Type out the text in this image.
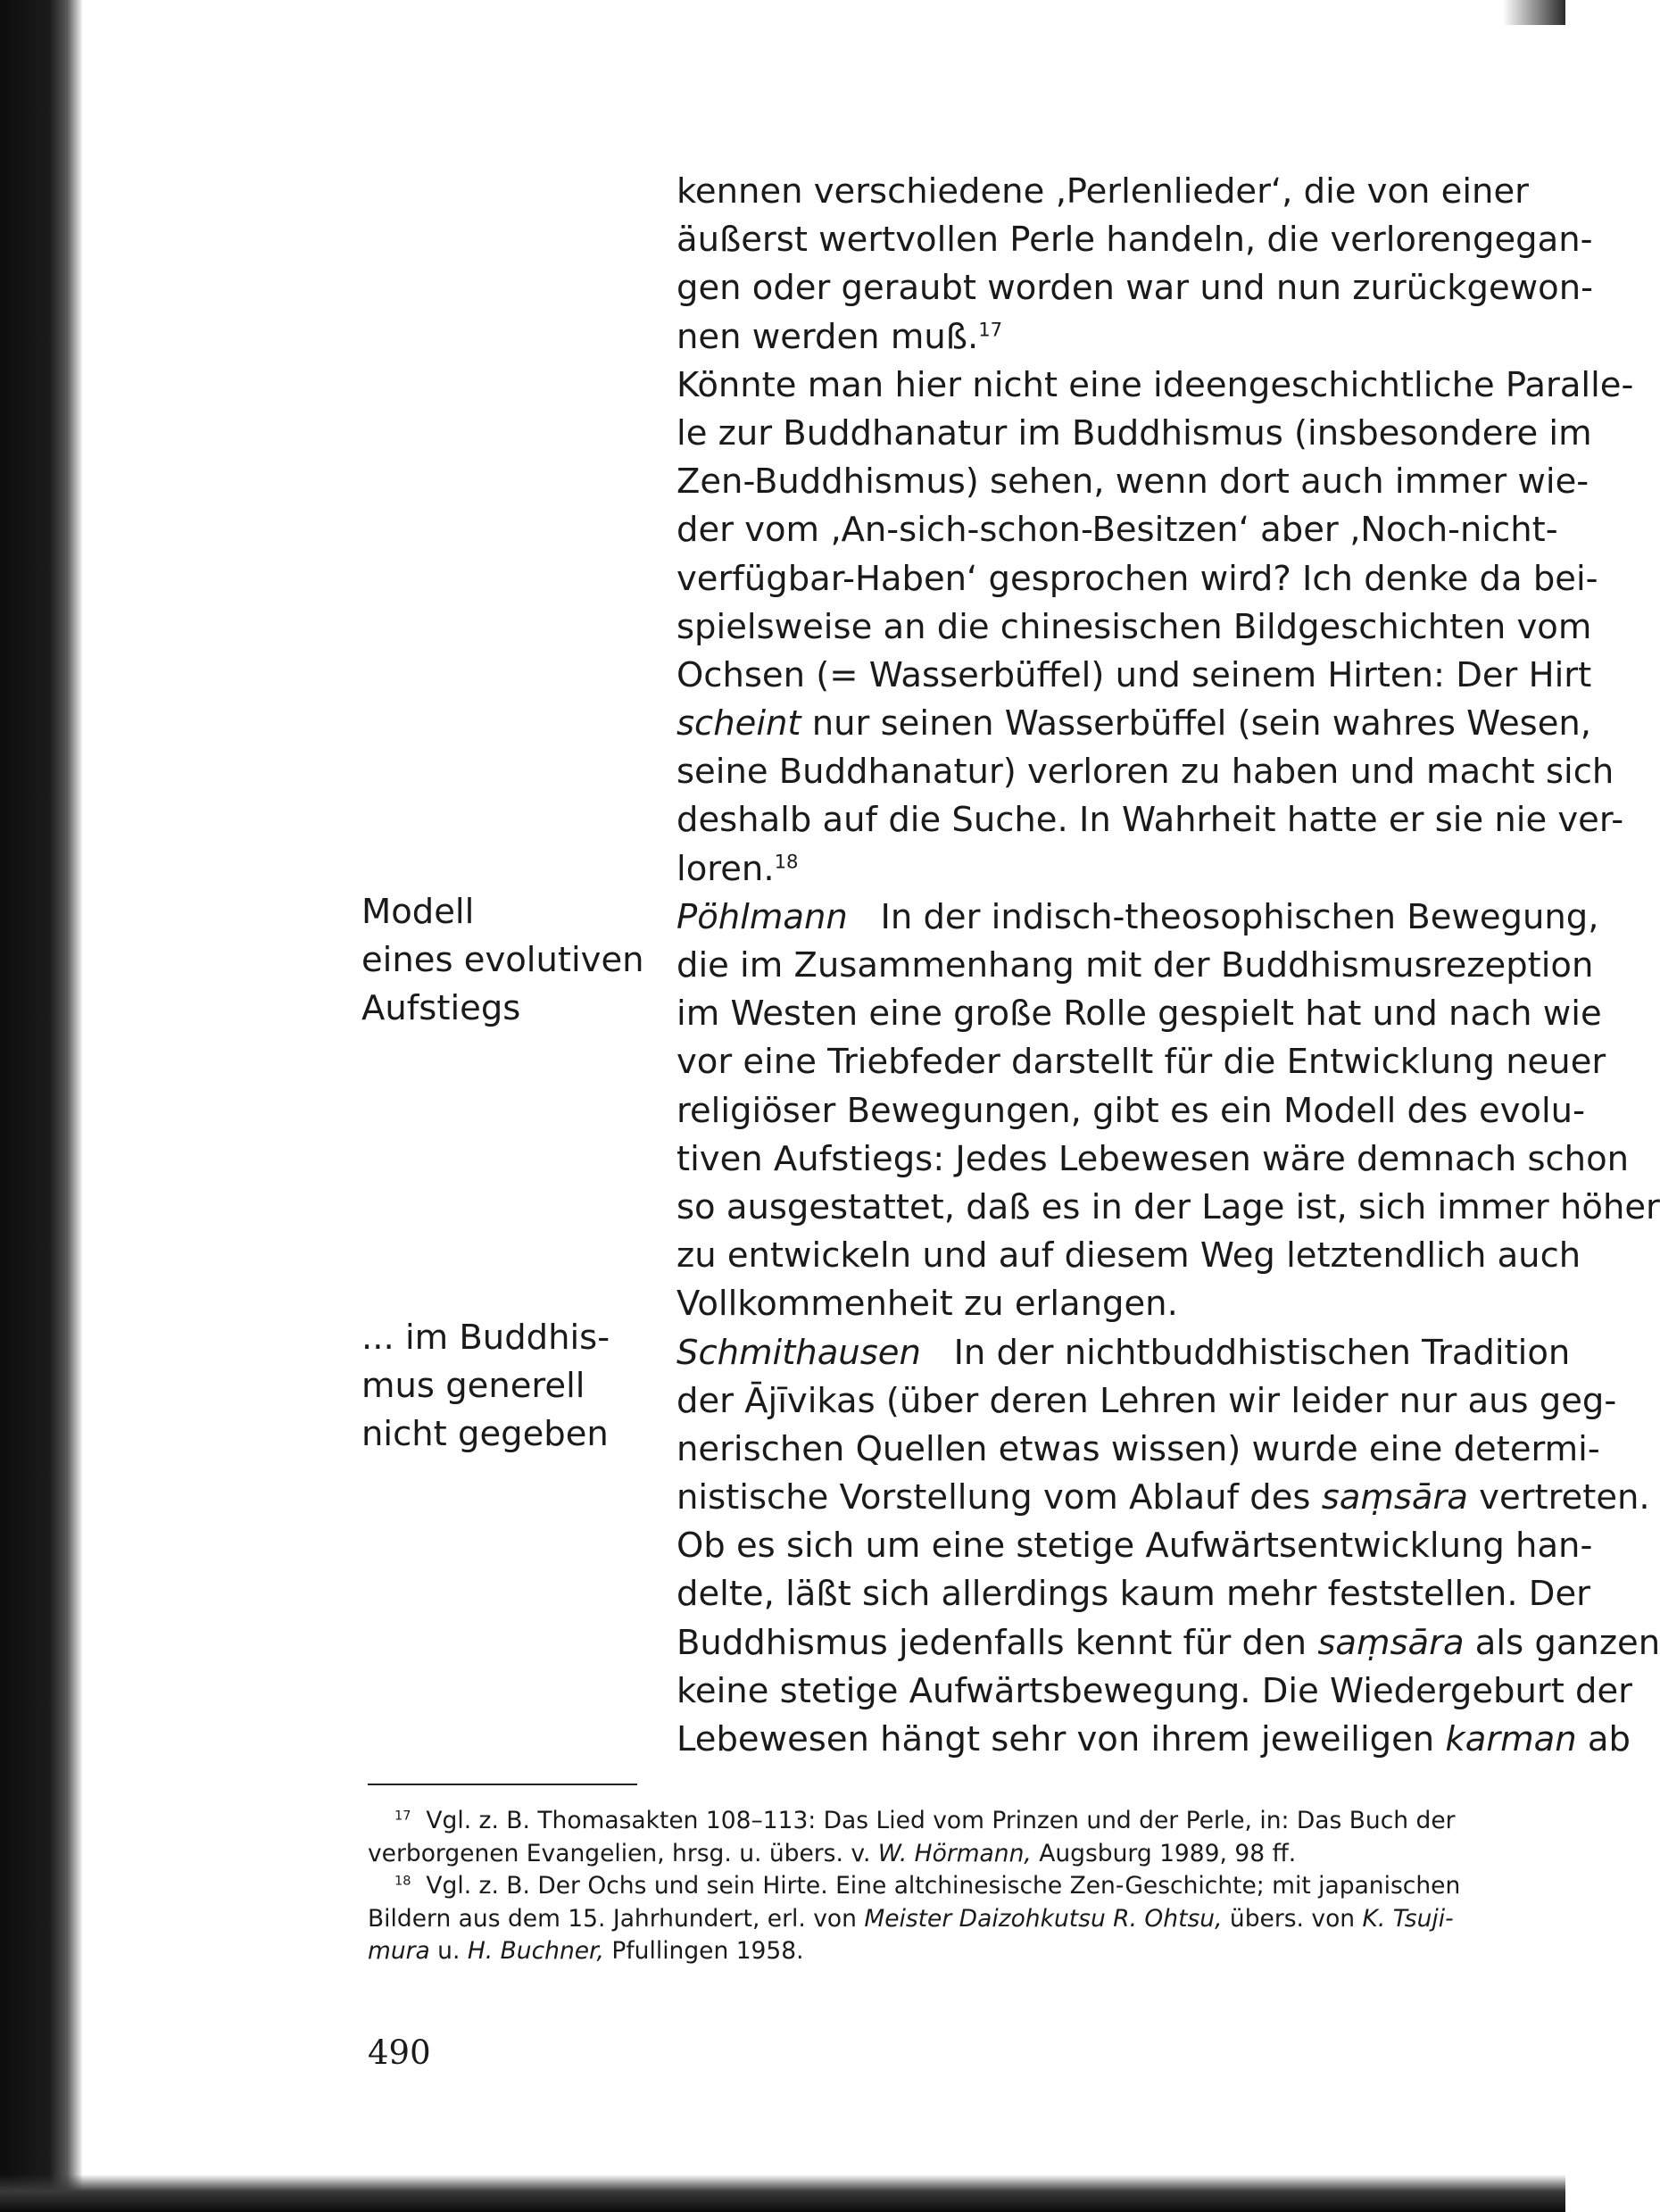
kennen verschiedene ‚Perlenlieder‘, die von einer
äußerst wertvollen Perle handeln, die verlorengegan-
gen oder geraubt worden war und nun zurückgewon-
nen werden muß.$^{17}$
Könnte man hier nicht eine ideengeschichtliche Paralle-
le zur Buddhanatur im Buddhismus (insbesondere im
Zen-Buddhismus) sehen, wenn dort auch immer wie-
der vom ‚An-sich-schon-Besitzen‘ aber ‚Noch-nicht-
verfügbar-Haben‘ gesprochen wird? Ich denke da bei-
spielsweise an die chinesischen Bildgeschichten vom
Ochsen (= Wasserbüffel) und seinem Hirten: Der Hirt
scheint nur seinen Wasserbüffel (sein wahres Wesen,
seine Buddhanatur) verloren zu haben und macht sich
deshalb auf die Suche. In Wahrheit hatte er sie nie ver-
loren.$^{18}$
Pöhlmann In der indisch-theosophischen Bewegung,
die im Zusammenhang mit der Buddhismusrezeption
im Westen eine große Rolle gespielt hat und nach wie
vor eine Triebfeder darstellt für die Entwicklung neuer
religiöser Bewegungen, gibt es ein Modell des evolu-
tiven Aufstiegs: Jedes Lebewesen wäre demnach schon
so ausgestattet, daß es in der Lage ist, sich immer höher
zu entwickeln und auf diesem Weg letztendlich auch
Vollkommenheit zu erlangen.
Schmithausen In der nichtbuddhistischen Tradition
der Ājīvikas (über deren Lehren wir leider nur aus geg-
nerischen Quellen etwas wissen) wurde eine determi-
nistische Vorstellung vom Ablauf des saṃsāra vertreten.
Ob es sich um eine stetige Aufwärtsentwicklung han-
delte, läßt sich allerdings kaum mehr feststellen. Der
Buddhismus jedenfalls kennt für den saṃsāra als ganzen
keine stetige Aufwärtsbewegung. Die Wiedergeburt der
Lebewesen hängt sehr von ihrem jeweiligen karman ab
Modell
eines evolutiven
Aufstiegs
... im Buddhis-
mus generell
nicht gegeben
$^{17}$ Vgl. z. B. Thomasakten 108–113: Das Lied vom Prinzen und der Perle, in: Das Buch der
verborgenen Evangelien, hrsg. u. übers. v. W. Hörmann, Augsburg 1989, 98 ff.
$^{18}$ Vgl. z. B. Der Ochs und sein Hirte. Eine altchinesische Zen-Geschichte; mit japanischen
Bildern aus dem 15. Jahrhundert, erl. von Meister Daizohkutsu R. Ohtsu, übers. von K. Tsuji-
mura u. H. Buchner, Pfullingen 1958.
490
